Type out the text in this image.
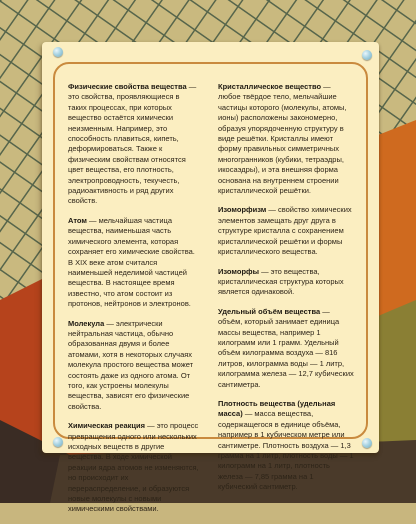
Физические свойства вещества — это свойства, проявляющиеся в таких процессах, при которых вещество остаётся химически неизменным. Например, это способность плавиться, кипеть, деформироваться. Также к физическим свойствам относятся цвет вещества, его плотность, электропроводность, текучесть, радиоактивность и ряд других свойств.

Атом — мельчайшая частица вещества, наименьшая часть химического элемента, которая сохраняет его химические свойства. В XIX веке атом считался наименьшей неделимой частицей вещества. В настоящее время известно, что атом состоит из протонов, нейтронов и электронов.

Молекула — электрически нейтральная частица, обычно образованная двумя и более атомами, хотя в некоторых случаях молекула простого вещества может состоять даже из одного атома. От того, как устроены молекулы вещества, зависят его физические свойства.

Химическая реакция — это процесс превращения одного или нескольких исходных веществ в другие вещества. В ходе химической реакции ядра атомов не изменяются, но происходит их перераспределение, и образуются новые молекулы с новыми химическими свойствами.

Кристаллическое вещество — любое твёрдое тело, мельчайшие частицы которого (молекулы, атомы, ионы) расположены закономерно, образуя упорядоченную структуру в виде решётки. Кристаллы имеют форму правильных симметричных многогранников (кубики, тетраэдры, икосаэдры), и эта внешняя форма основана на внутреннем строении кристаллической решётки.

Изоморфизм — свойство химических элементов замещать друг друга в структуре кристалла с сохранением кристаллической решётки и формы кристаллического вещества.

Изоморфы — это вещества, кристаллическая структура которых является одинаковой.

Удельный объём вещества — объём, который занимает единица массы вещества, например 1 килограмм или 1 грамм. Удельный объём килограмма воздуха — 816 литров, килограмма воды — 1 литр, килограмма железа — 12,7 кубических сантиметра.

Плотность вещества (удельная масса) — масса вещества, содержащегося в единице объёма, например в 1 кубическом метре или сантиметре. Плотность воздуха — 1,3 грамма на 1 литр, плотность воды — 1 килограмм на 1 литр, плотность железа — 7,85 грамма на 1 кубический сантиметр.
